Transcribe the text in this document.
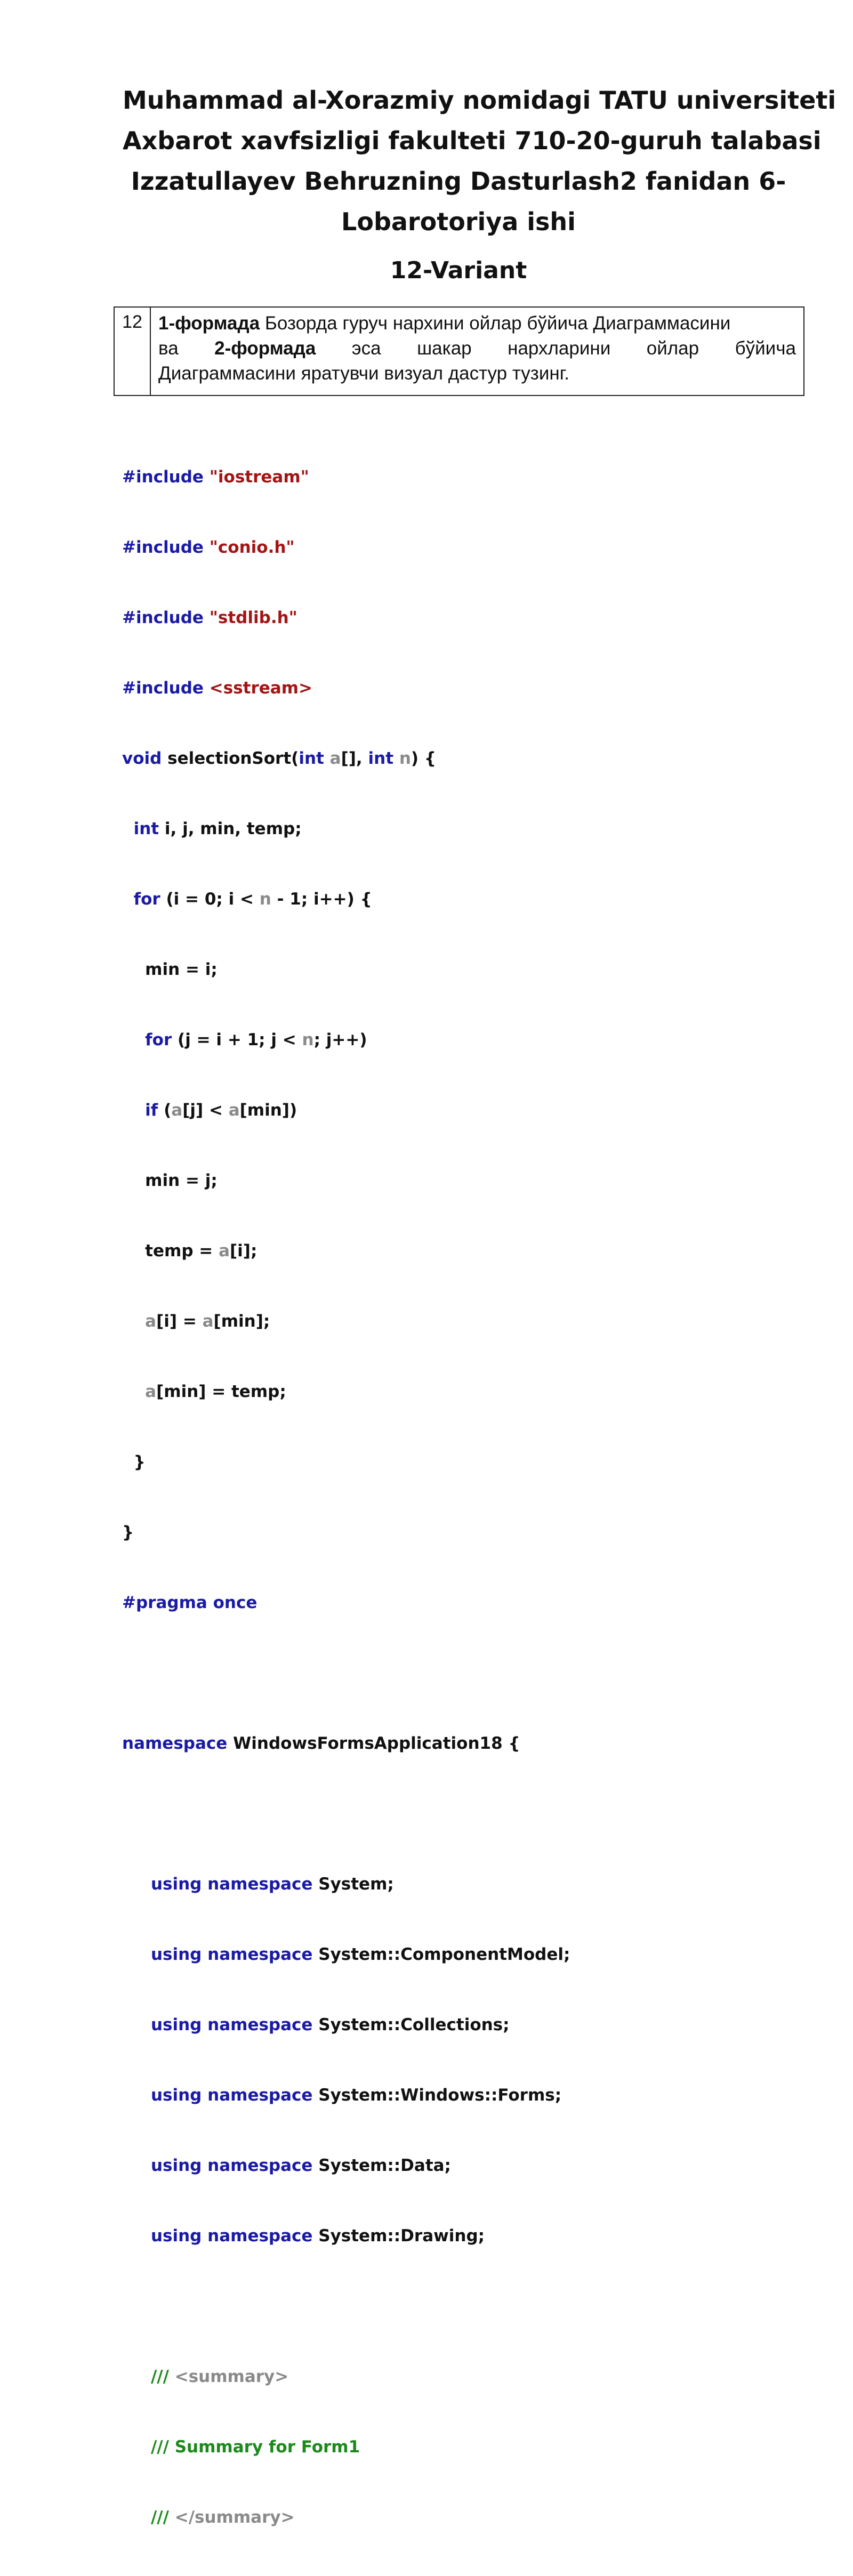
Muhammad al-Xorazmiy nomidagi TATU universiteti
Axbarot xavfsizligi fakulteti 710-20-guruh talabasi
Izzatullayev Behruzning Dasturlash2 fanidan 6-
Lobarotoriya ishi
12-Variant
12 1-формада Бозорда гуруч нархини ойлар бўйича Диаграммасини
ва 2-формада эса шакар нархларини ойлар бўйича
Диаграммасини яратувчи визуал дастур тузинг.

#include "iostream"

#include "conio.h"

#include "stdlib.h"

#include <sstream>

void selectionSort(int a[], int n) {

int i, j, min, temp;

for (i = 0; i < n - 1; i++) {

min = i;

for (j = i + 1; j < n; j++)

if (a[j] < a[min])

min = j;

temp = a[i];

a[i] = a[min];

a[min] = temp;

}

}

#pragma once

namespace WindowsFormsApplication18 {

using namespace System;

using namespace System::ComponentModel;

using namespace System::Collections;

using namespace System::Windows::Forms;

using namespace System::Data;

using namespace System::Drawing;

/// <summary>

/// Summary for Form1

/// </summary>
